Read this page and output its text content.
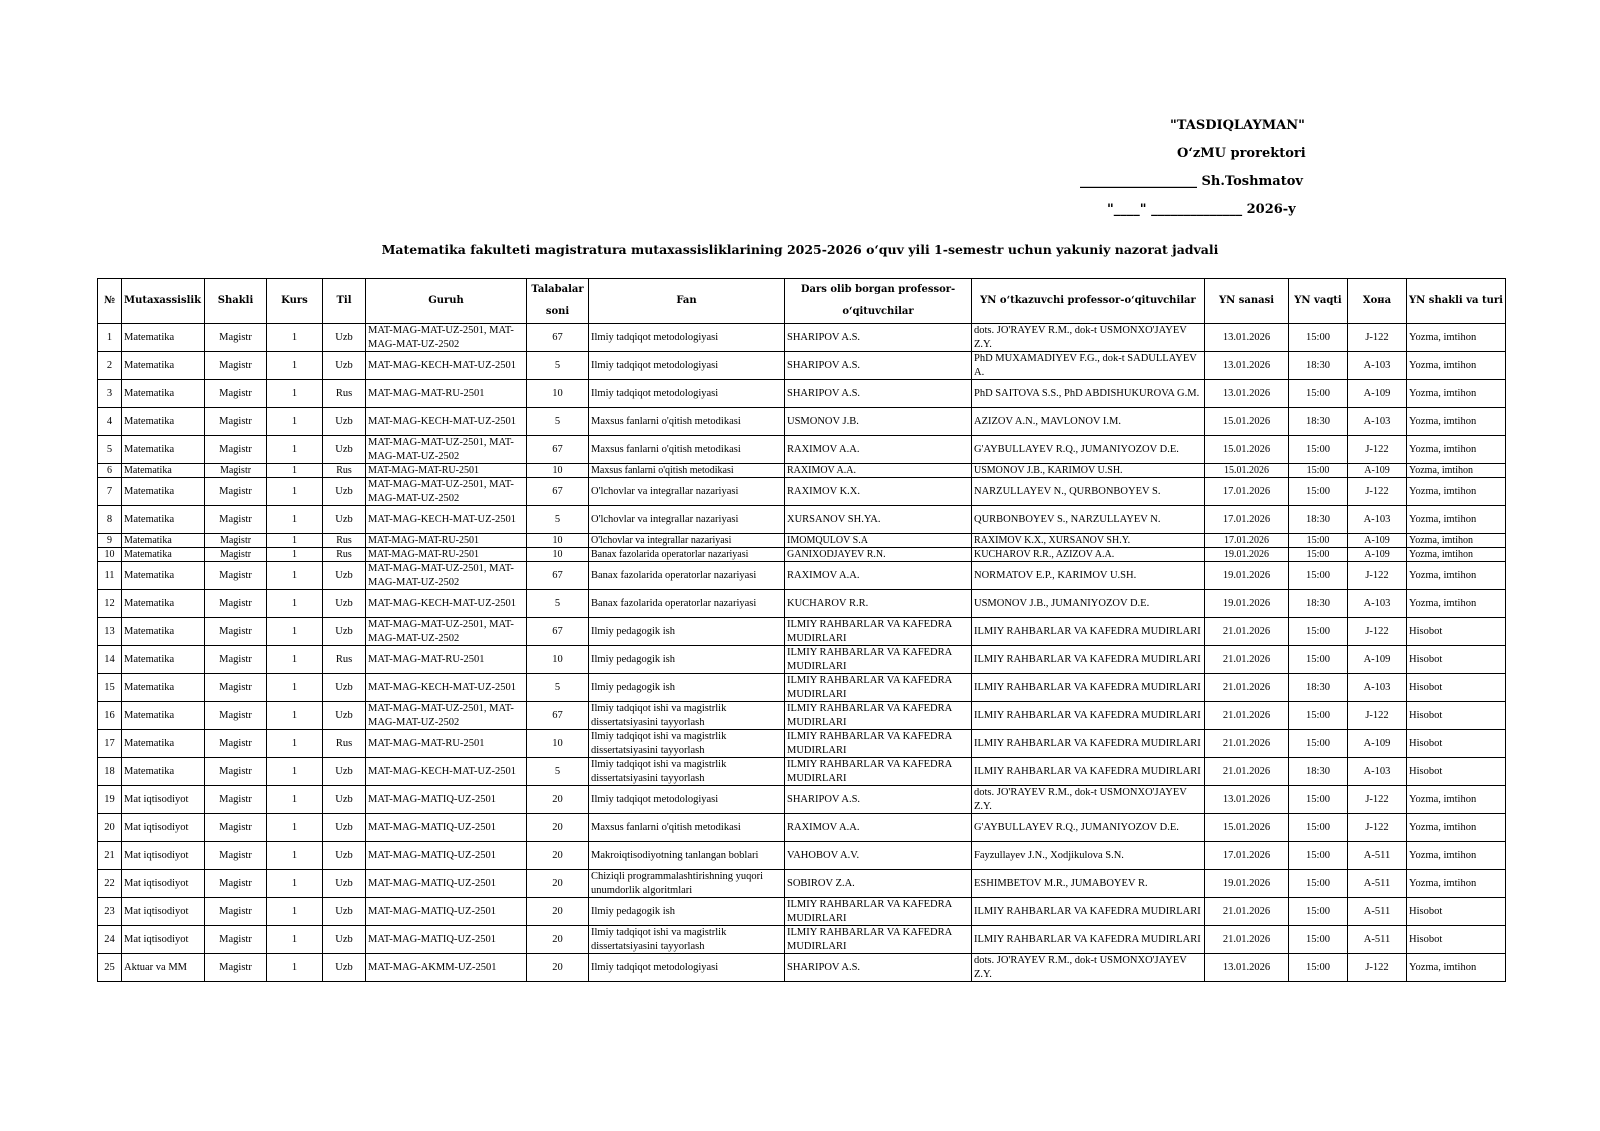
"TASDIQLAYMAN"
O‘zMU prorektori
__________________ Sh.Toshmatov
"____" ______________ 2026-y
Matematika fakulteti magistratura mutaxassisliklarining 2025-2026 o‘quv yili 1-semestr uchun yakuniy nazorat jadvali
№	Mutaxassislik	Shakli	Kurs	Til	Guruh	Talabalar soni	Fan	Dars olib borgan professor-o‘qituvchilar	YN o‘tkazuvchi professor-o‘qituvchilar	YN sanasi	YN vaqti	Хона	YN shakli va turi
1	Matematika	Magistr	1	Uzb	MAT-MAG-MAT-UZ-2501, MAT-MAG-MAT-UZ-2502	67	Ilmiy tadqiqot metodologiyasi	SHARIPOV A.S.	dots. JO'RAYEV R.M., dok-t USMONXO'JAYEV Z.Y.	13.01.2026	15:00	J-122	Yozma, imtihon
2	Matematika	Magistr	1	Uzb	MAT-MAG-KECH-MAT-UZ-2501	5	Ilmiy tadqiqot metodologiyasi	SHARIPOV A.S.	PhD MUXAMADIYEV F.G., dok-t SADULLAYEV A.	13.01.2026	18:30	A-103	Yozma, imtihon
3	Matematika	Magistr	1	Rus	MAT-MAG-MAT-RU-2501	10	Ilmiy tadqiqot metodologiyasi	SHARIPOV A.S.	PhD SAITOVA S.S., PhD ABDISHUKUROVA G.M.	13.01.2026	15:00	A-109	Yozma, imtihon
4	Matematika	Magistr	1	Uzb	MAT-MAG-KECH-MAT-UZ-2501	5	Maxsus fanlarni o'qitish metodikasi	USMONOV J.B.	AZIZOV A.N., MAVLONOV I.M.	15.01.2026	18:30	A-103	Yozma, imtihon
5	Matematika	Magistr	1	Uzb	MAT-MAG-MAT-UZ-2501, MAT-MAG-MAT-UZ-2502	67	Maxsus fanlarni o'qitish metodikasi	RAXIMOV A.A.	G'AYBULLAYEV R.Q., JUMANIYOZOV D.E.	15.01.2026	15:00	J-122	Yozma, imtihon
6	Matematika	Magistr	1	Rus	MAT-MAG-MAT-RU-2501	10	Maxsus fanlarni o'qitish metodikasi	RAXIMOV A.A.	USMONOV J.B., KARIMOV U.SH.	15.01.2026	15:00	A-109	Yozma, imtihon
7	Matematika	Magistr	1	Uzb	MAT-MAG-MAT-UZ-2501, MAT-MAG-MAT-UZ-2502	67	O'lchovlar va integrallar nazariyasi	RAXIMOV K.X.	NARZULLAYEV N., QURBONBOYEV S.	17.01.2026	15:00	J-122	Yozma, imtihon
8	Matematika	Magistr	1	Uzb	MAT-MAG-KECH-MAT-UZ-2501	5	O'lchovlar va integrallar nazariyasi	XURSANOV SH.YA.	QURBONBOYEV S., NARZULLAYEV N.	17.01.2026	18:30	A-103	Yozma, imtihon
9	Matematika	Magistr	1	Rus	MAT-MAG-MAT-RU-2501	10	O'lchovlar va integrallar nazariyasi	IMOMQULOV S.A	RAXIMOV K.X., XURSANOV SH.Y.	17.01.2026	15:00	A-109	Yozma, imtihon
10	Matematika	Magistr	1	Rus	MAT-MAG-MAT-RU-2501	10	Banax fazolarida operatorlar nazariyasi	GANIXODJAYEV R.N.	KUCHAROV R.R., AZIZOV A.A.	19.01.2026	15:00	A-109	Yozma, imtihon
11	Matematika	Magistr	1	Uzb	MAT-MAG-MAT-UZ-2501, MAT-MAG-MAT-UZ-2502	67	Banax fazolarida operatorlar nazariyasi	RAXIMOV A.A.	NORMATOV E.P., KARIMOV U.SH.	19.01.2026	15:00	J-122	Yozma, imtihon
12	Matematika	Magistr	1	Uzb	MAT-MAG-KECH-MAT-UZ-2501	5	Banax fazolarida operatorlar nazariyasi	KUCHAROV R.R.	USMONOV J.B., JUMANIYOZOV D.E.	19.01.2026	18:30	A-103	Yozma, imtihon
13	Matematika	Magistr	1	Uzb	MAT-MAG-MAT-UZ-2501, MAT-MAG-MAT-UZ-2502	67	Ilmiy pedagogik ish	ILMIY RAHBARLAR VA KAFEDRA MUDIRLARI	ILMIY RAHBARLAR VA KAFEDRA MUDIRLARI	21.01.2026	15:00	J-122	Hisobot
14	Matematika	Magistr	1	Rus	MAT-MAG-MAT-RU-2501	10	Ilmiy pedagogik ish	ILMIY RAHBARLAR VA KAFEDRA MUDIRLARI	ILMIY RAHBARLAR VA KAFEDRA MUDIRLARI	21.01.2026	15:00	A-109	Hisobot
15	Matematika	Magistr	1	Uzb	MAT-MAG-KECH-MAT-UZ-2501	5	Ilmiy pedagogik ish	ILMIY RAHBARLAR VA KAFEDRA MUDIRLARI	ILMIY RAHBARLAR VA KAFEDRA MUDIRLARI	21.01.2026	18:30	A-103	Hisobot
16	Matematika	Magistr	1	Uzb	MAT-MAG-MAT-UZ-2501, MAT-MAG-MAT-UZ-2502	67	Ilmiy tadqiqot ishi va magistrlik dissertatsiyasini tayyorlash	ILMIY RAHBARLAR VA KAFEDRA MUDIRLARI	ILMIY RAHBARLAR VA KAFEDRA MUDIRLARI	21.01.2026	15:00	J-122	Hisobot
17	Matematika	Magistr	1	Rus	MAT-MAG-MAT-RU-2501	10	Ilmiy tadqiqot ishi va magistrlik dissertatsiyasini tayyorlash	ILMIY RAHBARLAR VA KAFEDRA MUDIRLARI	ILMIY RAHBARLAR VA KAFEDRA MUDIRLARI	21.01.2026	15:00	A-109	Hisobot
18	Matematika	Magistr	1	Uzb	MAT-MAG-KECH-MAT-UZ-2501	5	Ilmiy tadqiqot ishi va magistrlik dissertatsiyasini tayyorlash	ILMIY RAHBARLAR VA KAFEDRA MUDIRLARI	ILMIY RAHBARLAR VA KAFEDRA MUDIRLARI	21.01.2026	18:30	A-103	Hisobot
19	Mat iqtisodiyot	Magistr	1	Uzb	MAT-MAG-MATIQ-UZ-2501	20	Ilmiy tadqiqot metodologiyasi	SHARIPOV A.S.	dots. JO'RAYEV R.M., dok-t USMONXO'JAYEV Z.Y.	13.01.2026	15:00	J-122	Yozma, imtihon
20	Mat iqtisodiyot	Magistr	1	Uzb	MAT-MAG-MATIQ-UZ-2501	20	Maxsus fanlarni o'qitish metodikasi	RAXIMOV A.A.	G'AYBULLAYEV R.Q., JUMANIYOZOV D.E.	15.01.2026	15:00	J-122	Yozma, imtihon
21	Mat iqtisodiyot	Magistr	1	Uzb	MAT-MAG-MATIQ-UZ-2501	20	Makroiqtisodiyotning tanlangan boblari	VAHOBOV A.V.	Fayzullayev J.N., Xodjikulova S.N.	17.01.2026	15:00	A-511	Yozma, imtihon
22	Mat iqtisodiyot	Magistr	1	Uzb	MAT-MAG-MATIQ-UZ-2501	20	Chiziqli programmalashtirishning yuqori unumdorlik algoritmlari	SOBIROV Z.A.	ESHIMBETOV M.R., JUMABOYEV R.	19.01.2026	15:00	A-511	Yozma, imtihon
23	Mat iqtisodiyot	Magistr	1	Uzb	MAT-MAG-MATIQ-UZ-2501	20	Ilmiy pedagogik ish	ILMIY RAHBARLAR VA KAFEDRA MUDIRLARI	ILMIY RAHBARLAR VA KAFEDRA MUDIRLARI	21.01.2026	15:00	A-511	Hisobot
24	Mat iqtisodiyot	Magistr	1	Uzb	MAT-MAG-MATIQ-UZ-2501	20	Ilmiy tadqiqot ishi va magistrlik dissertatsiyasini tayyorlash	ILMIY RAHBARLAR VA KAFEDRA MUDIRLARI	ILMIY RAHBARLAR VA KAFEDRA MUDIRLARI	21.01.2026	15:00	A-511	Hisobot
25	Aktuar va MM	Magistr	1	Uzb	MAT-MAG-AKMM-UZ-2501	20	Ilmiy tadqiqot metodologiyasi	SHARIPOV A.S.	dots. JO'RAYEV R.M., dok-t USMONXO'JAYEV Z.Y.	13.01.2026	15:00	J-122	Yozma, imtihon
